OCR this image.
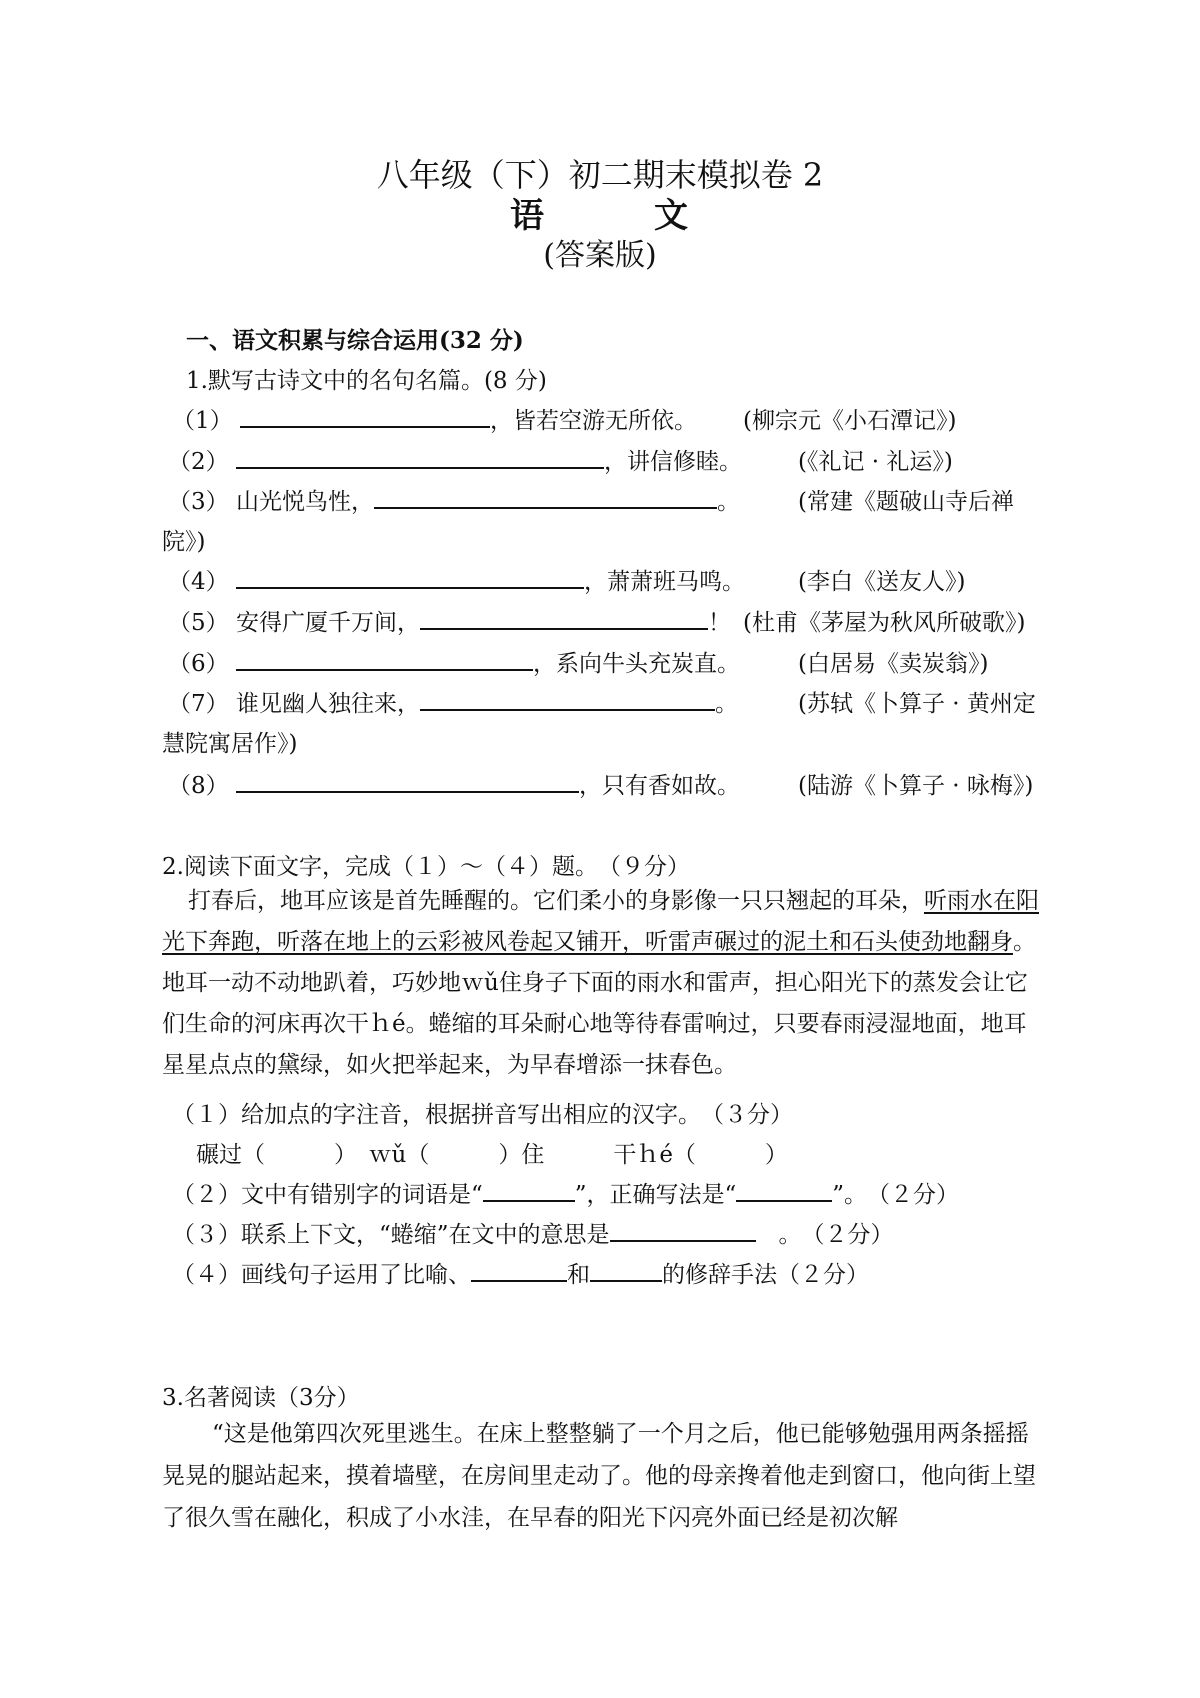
八年级（下）初二期末模拟卷 2
语　　　文
(答案版)
一、语文积累与综合运用(32 分)
1.默写古诗文中的名句名篇。(8 分)
（1）	，皆若空游无所依。 (柳宗元《小石潭记》)
（2）	，讲信修睦。 (《礼记 · 礼运》)
（3） 山光悦鸟性，	。	(常建《题破山寺后禅
院》)
（4）	，萧萧班马鸣。 (李白《送友人》)
（5） 安得广厦千万间，	！ (杜甫《茅屋为秋风所破歌》)
（6）	，系向牛头充炭直。	(白居易《卖炭翁》)
（7） 谁见幽人独往来，	。	(苏轼《卜算子 · 黄州定
慧院寓居作》)
（8）	，只有香如故。	(陆游《卜算子 · 咏梅》)
2.阅读下面文字，完成（１）～（４）题。　（９分）
打春后，地耳应该是首先睡醒的。它们柔小的身影像一只只翘起的耳朵，听雨水在阳光下奔跑，听落在地上的云彩被风卷起又铺开，听雷声碾过的泥土和石头使劲地翻身。地耳一动不动地趴着，巧妙地ｗǔ住身子下面的雨水和雷声，担心阳光下的蒸发会让它们生命的河床再次干ｈé。蜷缩的耳朵耐心地等待春雷响过，只要春雨浸湿地面，地耳星星点点的黛绿，如火把举起来，为早春增添一抹春色。
（１）给加点的字注音，根据拼音写出相应的汉字。　（３分）
碾过（　　　）　ｗǔ（　　　）住　　　干ｈé（　　　）
（２）文中有错别字的词语是“	”，正确写法是“	”。　（２分）
（３）联系上下文，“蜷缩”在文中的意思是	　。　（２分）
（４）画线句子运用了比喻、	和	的修辞手法（２分）
3.名著阅读（3分）
“这是他第四次死里逃生。在床上整整躺了一个月之后，他已能够勉强用两条摇摇晃晃的腿站起来，摸着墙壁，在房间里走动了。他的母亲搀着他走到窗口，他向街上望了很久雪在融化，积成了小水洼，在早春的阳光下闪亮外面已经是初次解
